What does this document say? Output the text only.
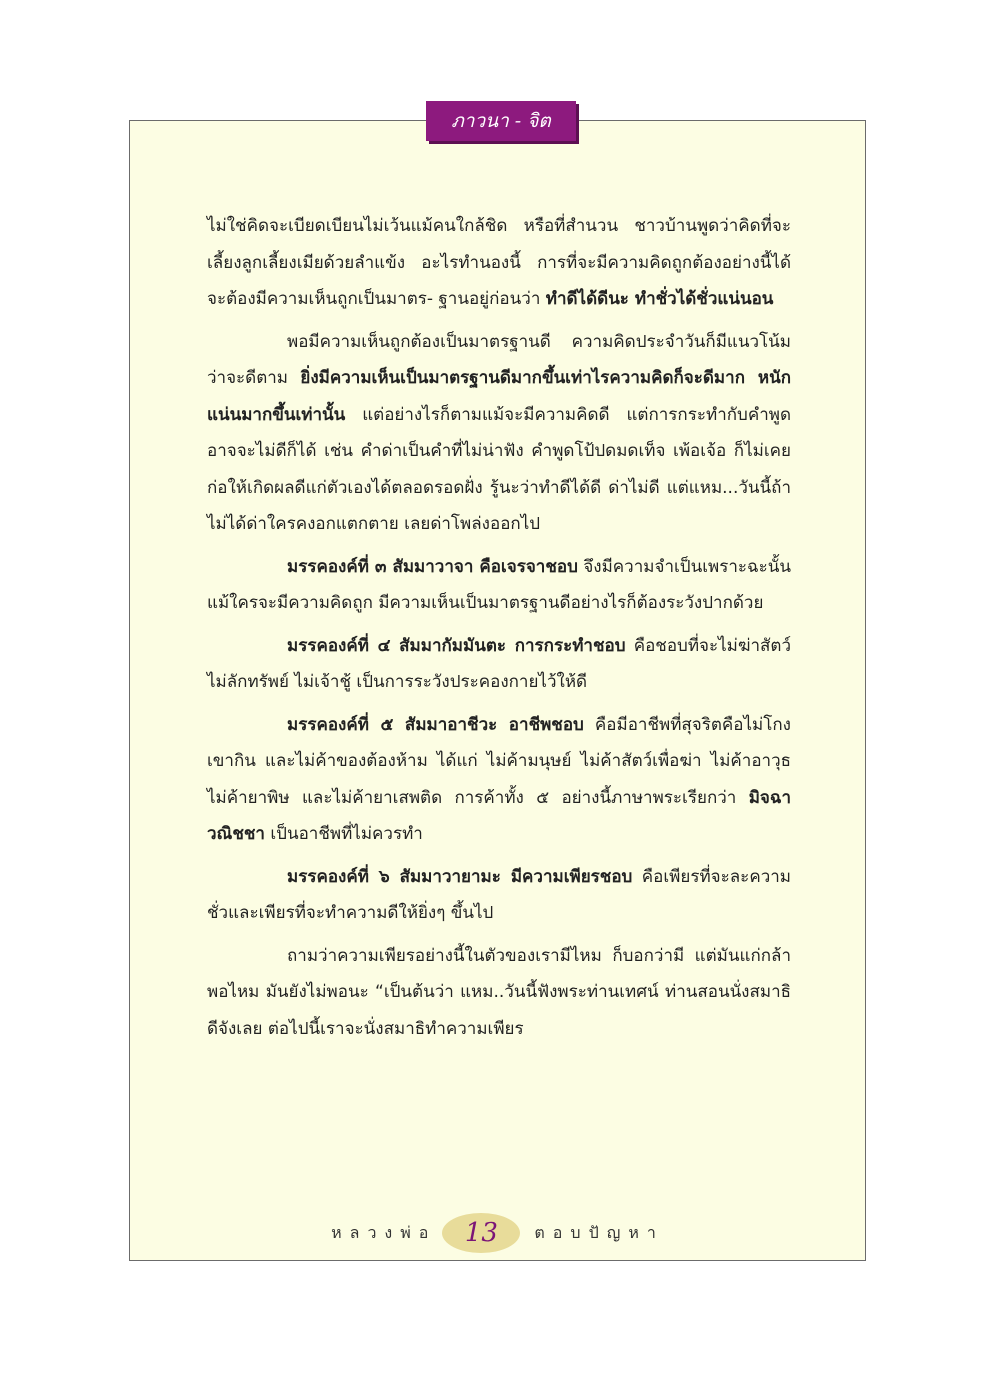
ภาวนา - จิต

ไม่ใช่คิดจะเบียดเบียนไม่เว้นแม้คนใกล้ชิด หรือที่สำนวน ชาวบ้านพูดว่าคิดที่จะเลี้ยงลูกเลี้ยงเมียด้วยลำแข้ง อะไรทำนองนี้ การที่จะมีความคิดถูกต้องอย่างนี้ได้ จะต้องมีความเห็นถูกเป็นมาตร- ฐานอยู่ก่อนว่า ทำดีได้ดีนะ ทำชั่วได้ชั่วแน่นอน

พอมีความเห็นถูกต้องเป็นมาตรฐานดี ความคิดประจำวันก็มีแนวโน้มว่าจะดีตาม ยิ่งมีความเห็นเป็นมาตรฐานดีมากขึ้นเท่าไรความคิดก็จะดีมาก หนักแน่นมากขึ้นเท่านั้น แต่อย่างไรก็ตามแม้จะมีความคิดดี แต่การกระทำกับคำพูดอาจจะไม่ดีก็ได้ เช่น คำด่าเป็นคำที่ไม่น่าฟัง คำพูดโป้ปดมดเท็จ เพ้อเจ้อ ก็ไม่เคยก่อให้เกิดผลดีแก่ตัวเองได้ตลอดรอดฝั่ง รู้นะว่าทำดีได้ดี ด่าไม่ดี แต่แหม...วันนี้ถ้าไม่ได้ด่าใครคงอกแตกตาย เลยด่าโพล่งออกไป

มรรคองค์ที่ ๓ สัมมาวาจา คือเจรจาชอบ จึงมีความจำเป็นเพราะฉะนั้นแม้ใครจะมีความคิดถูก มีความเห็นเป็นมาตรฐานดีอย่างไรก็ต้องระวังปากด้วย

มรรคองค์ที่ ๔ สัมมากัมมันตะ การกระทำชอบ คือชอบที่จะไม่ฆ่าสัตว์ ไม่ลักทรัพย์ ไม่เจ้าชู้ เป็นการระวังประคองกายไว้ให้ดี

มรรคองค์ที่ ๕ สัมมาอาชีวะ อาชีพชอบ คือมีอาชีพที่สุจริตคือไม่โกงเขากิน และไม่ค้าของต้องห้าม ได้แก่ ไม่ค้ามนุษย์ ไม่ค้าสัตว์เพื่อฆ่า ไม่ค้าอาวุธ ไม่ค้ายาพิษ และไม่ค้ายาเสพติด การค้าทั้ง ๕ อย่างนี้ภาษาพระเรียกว่า มิจฉาวณิชชา เป็นอาชีพที่ไม่ควรทำ

มรรคองค์ที่ ๖ สัมมาวายามะ มีความเพียรชอบ คือเพียรที่จะละความชั่วและเพียรที่จะทำความดีให้ยิ่งๆ ขึ้นไป

ถามว่าความเพียรอย่างนี้ในตัวของเรามีไหม ก็บอกว่ามี แต่มันแก่กล้าพอไหม มันยังไม่พอนะ “เป็นต้นว่า แหม..วันนี้ฟังพระท่านเทศน์ ท่านสอนนั่งสมาธิดีจังเลย ต่อไปนี้เราจะนั่งสมาธิทำความเพียร

หลวงพ่อ	13	ตอบปัญหา
